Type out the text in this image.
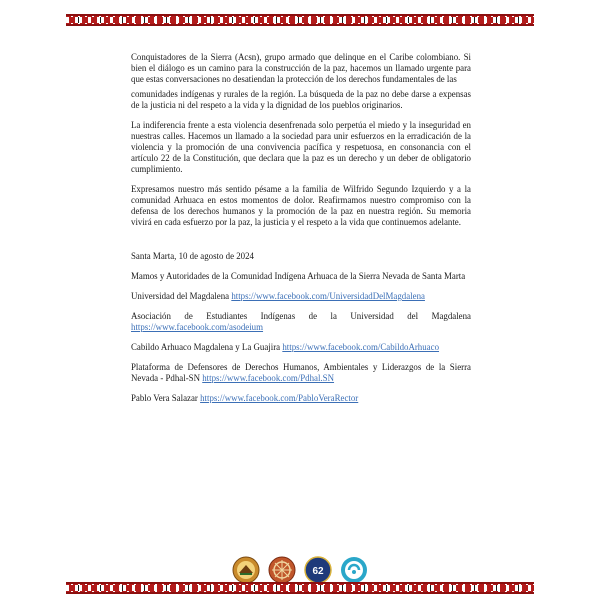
Conquistadores de la Sierra (Acsn), grupo armado que delinque en el Caribe colombiano. Si bien el diálogo es un camino para la construcción de la paz, hacemos un llamado urgente para que estas conversaciones no desatiendan la protección de los derechos fundamentales de las

comunidades indígenas y rurales de la región. La búsqueda de la paz no debe darse a expensas de la justicia ni del respeto a la vida y la dignidad de los pueblos originarios.

La indiferencia frente a esta violencia desenfrenada solo perpetúa el miedo y la inseguridad en nuestras calles. Hacemos un llamado a la sociedad para unir esfuerzos en la erradicación de la violencia y la promoción de una convivencia pacífica y respetuosa, en consonancia con el artículo 22 de la Constitución, que declara que la paz es un derecho y un deber de obligatorio cumplimiento.

Expresamos nuestro más sentido pésame a la familia de Wilfrido Segundo Izquierdo y a la comunidad Arhuaca en estos momentos de dolor. Reafirmamos nuestro compromiso con la defensa de los derechos humanos y la promoción de la paz en nuestra región. Su memoria vivirá en cada esfuerzo por la paz, la justicia y el respeto a la vida que continuemos adelante.

Santa Marta, 10 de agosto de 2024

Mamos y Autoridades de la Comunidad Indígena Arhuaca de la Sierra Nevada de Santa Marta

Universidad del Magdalena https://www.facebook.com/UniversidadDelMagdalena

Asociación de Estudiantes Indígenas de la Universidad del Magdalena https://www.facebook.com/asodeium

Cabildo Arhuaco Magdalena y La Guajira https://www.facebook.com/CabildoArhuaco

Plataforma de Defensores de Derechos Humanos, Ambientales y Liderazgos de la Sierra Nevada - Pdhal-SN https://www.facebook.com/Pdhal.SN

Pablo Vera Salazar https://www.facebook.com/PabloVeraRector

62
